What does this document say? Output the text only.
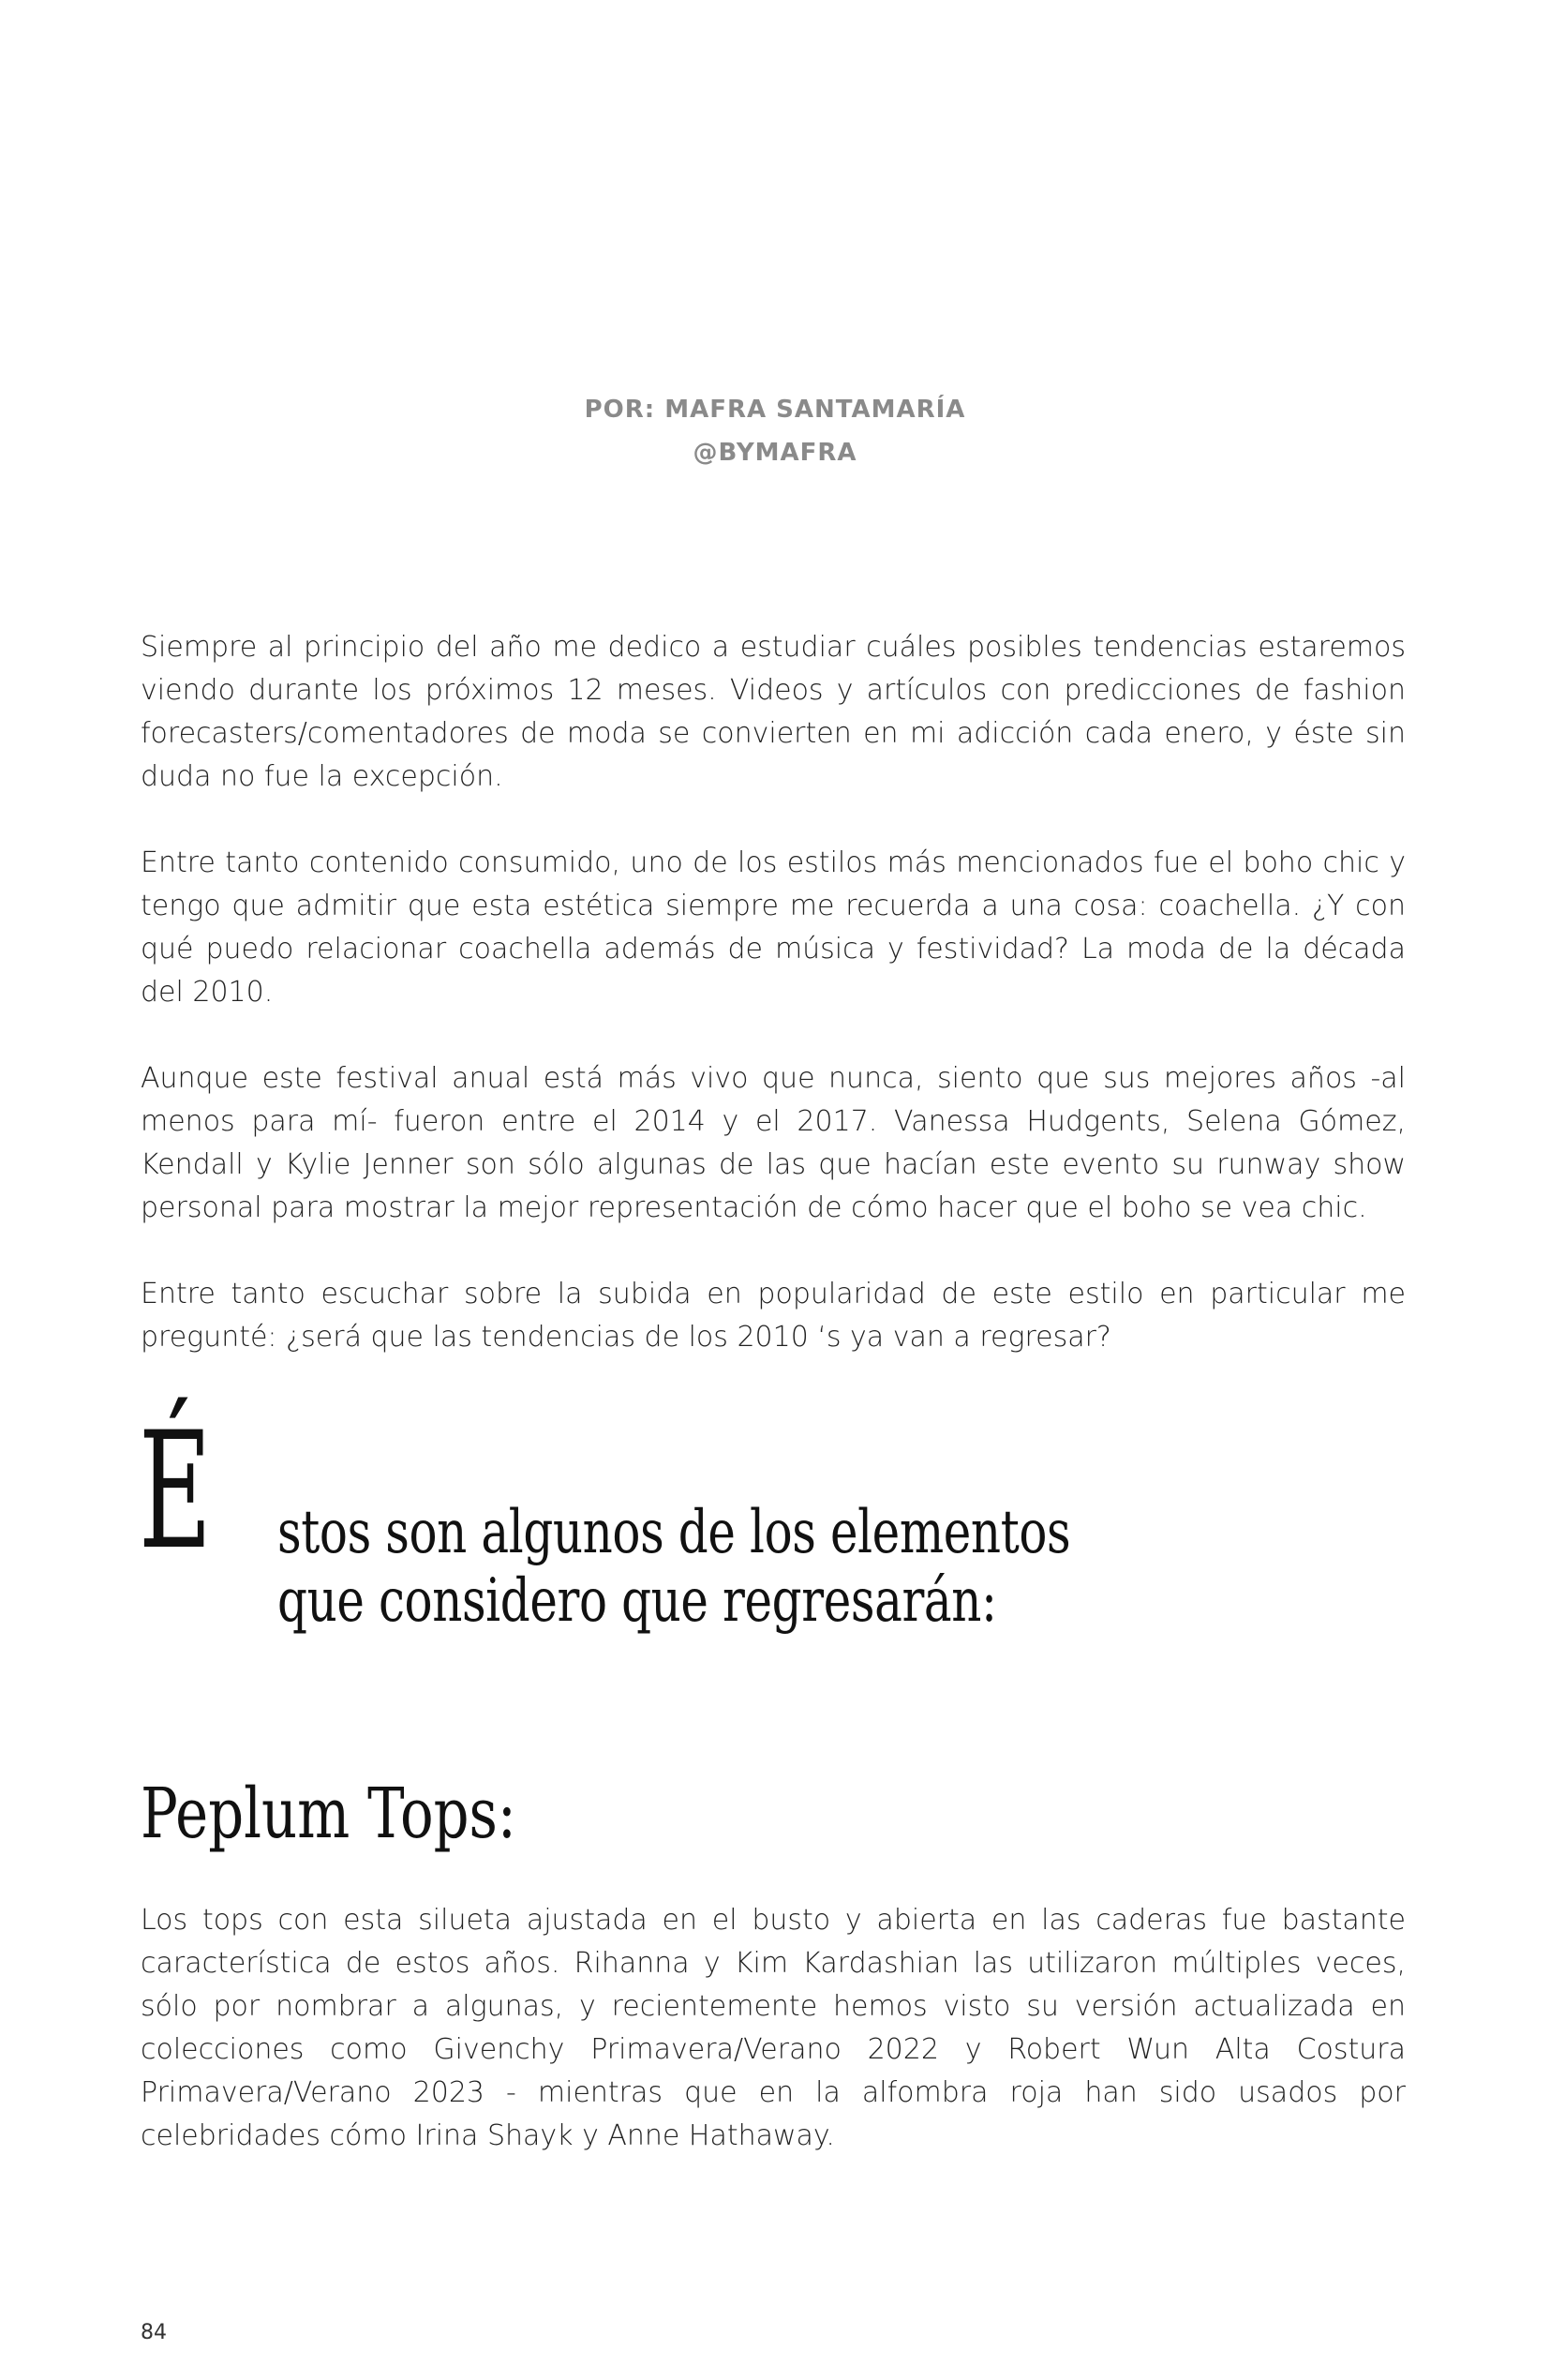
POR: MAFRA SANTAMARÍA
@BYMAFRA

Siempre al principio del año me dedico a estudiar cuáles posibles tendencias estaremos viendo durante los próximos 12 meses. Videos y artículos con predicciones de fashion forecasters/comentadores de moda se convierten en mi adicción cada enero, y éste sin duda no fue la excepción.

Entre tanto contenido consumido, uno de los estilos más mencionados fue el boho chic y tengo que admitir que esta estética siempre me recuerda a una cosa: coachella. ¿Y con qué puedo relacionar coachella además de música y festividad? La moda de la década del 2010.

Aunque este festival anual está más vivo que nunca, siento que sus mejores años -al menos para mí- fueron entre el 2014 y el 2017. Vanessa Hudgents, Selena Gómez, Kendall y Kylie Jenner son sólo algunas de las que hacían este evento su runway show personal para mostrar la mejor representación de cómo hacer que el boho se vea chic.

Entre tanto escuchar sobre la subida en popularidad de este estilo en particular me pregunté: ¿será que las tendencias de los 2010 ‘s ya van a regresar?

É stos son algunos de los elementos
que considero que regresarán:
Peplum Tops:

Los tops con esta silueta ajustada en el busto y abierta en las caderas fue bastante característica de estos años. Rihanna y Kim Kardashian las utilizaron múltiples veces, sólo por nombrar a algunas, y recientemente hemos visto su versión actualizada en colecciones como Givenchy Primavera/Verano 2022 y Robert Wun Alta Costura Primavera/Verano 2023 - mientras que en la alfombra roja han sido usados por celebridades cómo Irina Shayk y Anne Hathaway.

84
